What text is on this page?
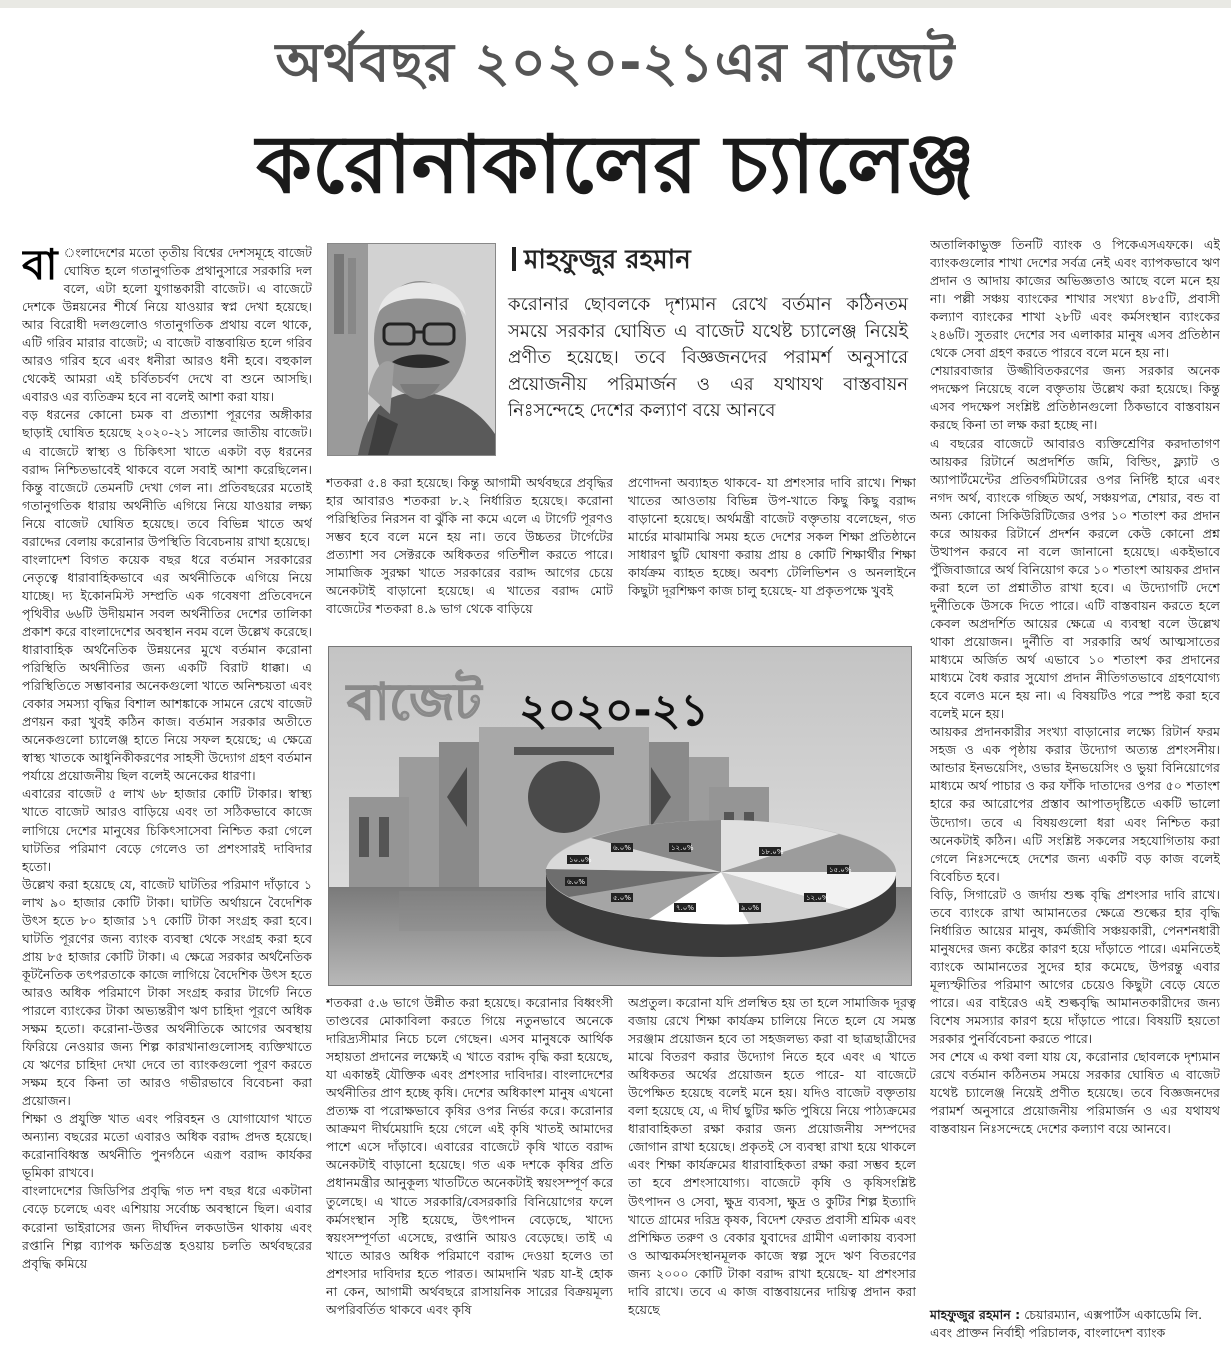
অর্থবছর ২০২০-২১এর বাজেট
করোনাকালের চ্যালেঞ্জ
বা ংলাদেশের মতো তৃতীয় বিশ্বের দেশসমূহে বাজেট ঘোষিত হলে গতানুগতিক প্রথানুসারে সরকারি দল বলে, এটা হলো যুগান্তকারী বাজেট। এ বাজেটে দেশকে উন্নয়নের শীর্ষে নিয়ে যাওয়ার স্বপ্ন দেখা হয়েছে। আর বিরোধী দলগুলোও গতানুগতিক প্রথায় বলে থাকে, এটি গরিব মারার বাজেট; এ বাজেট বাস্তবায়িত হলে গরিব আরও গরিব হবে এবং ধনীরা আরও ধনী হবে। বহুকাল থেকেই আমরা এই চর্বিতচর্বণ দেখে বা শুনে আসছি। এবারও এর ব্যতিক্রম হবে না বলেই আশা করা যায়।

বড় ধরনের কোনো চমক বা প্রত্যাশা পূরণের অঙ্গীকার ছাড়াই ঘোষিত হয়েছে ২০২০-২১ সালের জাতীয় বাজেট। এ বাজেটে স্বাস্থ্য ও চিকিৎসা খাতে একটা বড় ধরনের বরাদ্দ নিশ্চিতভাবেই থাকবে বলে সবাই আশা করেছিলেন। কিন্তু বাজেটে তেমনটি দেখা গেল না। প্রতিবছরের মতোই গতানুগতিক ধারায় অর্থনীতি এগিয়ে নিয়ে যাওয়ার লক্ষ্য নিয়ে বাজেট ঘোষিত হয়েছে। তবে বিভিন্ন খাতে অর্থ বরাদ্দের বেলায় করোনার উপস্থিতি বিবেচনায় রাখা হয়েছে।

বাংলাদেশ বিগত কয়েক বছর ধরে বর্তমান সরকারের নেতৃত্বে ধারাবাহিকভাবে এর অর্থনীতিকে এগিয়ে নিয়ে যাচ্ছে। দ্য ইকোনমিস্ট সম্প্রতি এক গবেষণা প্রতিবেদনে পৃথিবীর ৬৬টি উদীয়মান সবল অর্থনীতির দেশের তালিকা প্রকাশ করে বাংলাদেশের অবস্থান নবম বলে উল্লেখ করেছে। ধারাবাহিক অর্থনৈতিক উন্নয়নের মুখে বর্তমান করোনা পরিস্থিতি অর্থনীতির জন্য একটি বিরাট ধাক্কা। এ পরিস্থিতিতে সম্ভাবনার অনেকগুলো খাতে অনিশ্চয়তা এবং বেকার সমস্যা বৃদ্ধির বিশাল আশঙ্কাকে সামনে রেখে বাজেট প্রণয়ন করা খুবই কঠিন কাজ। বর্তমান সরকার অতীতে অনেকগুলো চ্যালেঞ্জ হাতে নিয়ে সফল হয়েছে; এ ক্ষেত্রে স্বাস্থ্য খাতকে আধুনিকীকরণের সাহসী উদ্যোগ গ্রহণ বর্তমান পর্যায়ে প্রয়োজনীয় ছিল বলেই অনেকের ধারণা।

এবারের বাজেট ৫ লাখ ৬৮ হাজার কোটি টাকার। স্বাস্থ্য খাতে বাজেট আরও বাড়িয়ে এবং তা সঠিকভাবে কাজে লাগিয়ে দেশের মানুষের চিকিৎসাসেবা নিশ্চিত করা গেলে ঘাটতির পরিমাণ বেড়ে গেলেও তা প্রশংসারই দাবিদার হতো।

উল্লেখ করা হয়েছে যে, বাজেট ঘাটতির পরিমাণ দাঁড়াবে ১ লাখ ৯০ হাজার কোটি টাকা। ঘাটতি অর্থায়নে বৈদেশিক উৎস হতে ৮০ হাজার ১৭ কোটি টাকা সংগ্রহ করা হবে। ঘাটতি পূরণের জন্য ব্যাংক ব্যবস্থা থেকে সংগ্রহ করা হবে প্রায় ৮৫ হাজার কোটি টাকা। এ ক্ষেত্রে সরকার অর্থনৈতিক কূটনৈতিক তৎপরতাকে কাজে লাগিয়ে বৈদেশিক উৎস হতে আরও অধিক পরিমাণে টাকা সংগ্রহ করার টার্গেট নিতে পারলে ব্যাংকের টাকা অভ্যন্তরীণ ঋণ চাহিদা পূরণে অধিক সক্ষম হতো। করোনা-উত্তর অর্থনীতিকে আগের অবস্থায় ফিরিয়ে নেওয়ার জন্য শিল্প কারখানাগুলোসহ ব্যক্তিখাতে যে ঋণের চাহিদা দেখা দেবে তা ব্যাংকগুলো পূরণ করতে সক্ষম হবে কিনা তা আরও গভীরভাবে বিবেচনা করা প্রয়োজন।

শিক্ষা ও প্রযুক্তি খাত এবং পরিবহন ও যোগাযোগ খাতে অন্যান্য বছরের মতো এবারও অধিক বরাদ্দ প্রদত্ত হয়েছে। করোনাবিধ্বস্ত অর্থনীতি পুনর্গঠনে এরূপ বরাদ্দ কার্যকর ভূমিকা রাখবে।

বাংলাদেশের জিডিপির প্রবৃদ্ধি গত দশ বছর ধরে একটানা বেড়ে চলেছে এবং এশিয়ায় সর্বোচ্চ অবস্থানে ছিল। এবার করোনা ভাইরাসের জন্য দীর্ঘদিন লকডাউন থাকায় এবং রপ্তানি শিল্প ব্যাপক ক্ষতিগ্রস্ত হওয়ায় চলতি অর্থবছরের প্রবৃদ্ধি কমিয়ে

মাহফুজুর রহমান
করোনার ছোবলকে দৃশ্যমান রেখে বর্তমান কঠিনতম সময়ে সরকার ঘোষিত এ বাজেট যথেষ্ট চ্যালেঞ্জ নিয়েই প্রণীত হয়েছে। তবে বিজ্ঞজনদের পরামর্শ অনুসারে প্রয়োজনীয় পরিমার্জন ও এর যথাযথ বাস্তবায়ন নিঃসন্দেহে দেশের কল্যাণ বয়ে আনবে
শতকরা ৫.৪ করা হয়েছে। কিন্তু আগামী অর্থবছরে প্রবৃদ্ধির হার আবারও শতকরা ৮.২ নির্ধারিত হয়েছে। করোনা পরিস্থিতির নিরসন বা ঝুঁকি না কমে এলে এ টার্গেট পূরণও সম্ভব হবে বলে মনে হয় না। তবে উচ্চতর টার্গেটের প্রত্যাশা সব সেক্টরকে অধিকতর গতিশীল করতে পারে। সামাজিক সুরক্ষা খাতে সরকারের বরাদ্দ আগের চেয়ে অনেকটাই বাড়ানো হয়েছে। এ খাতের বরাদ্দ মোট বাজেটের শতকরা ৪.৯ ভাগ থেকে বাড়িয়ে
প্রণোদনা অব্যাহত থাকবে- যা প্রশংসার দাবি রাখে। শিক্ষা খাতের আওতায় বিভিন্ন উপ-খাতে কিছু কিছু বরাদ্দ বাড়ানো হয়েছে। অর্থমন্ত্রী বাজেট বক্তৃতায় বলেছেন, গত মার্চের মাঝামাঝি সময় হতে দেশের সকল শিক্ষা প্রতিষ্ঠানে সাধারণ ছুটি ঘোষণা করায় প্রায় ৪ কোটি শিক্ষার্থীর শিক্ষা কার্যক্রম ব্যাহত হচ্ছে। অবশ্য টেলিভিশন ও অনলাইনে কিছুটা দূরশিক্ষণ কাজ চালু হয়েছে- যা প্রকৃতপক্ষে খুবই
১২.০%	১৮.০%
১৫.০%
১২.০%
৯.০%
৭.০%
৫.০%
৬.০%
১০.০%
৬.০%
বাজেট ২০২০-২১
শতকরা ৫.৬ ভাগে উন্নীত করা হয়েছে। করোনার বিধ্বংসী তাণ্ডবের মোকাবিলা করতে গিয়ে নতুনভাবে অনেকে দারিদ্র্যসীমার নিচে চলে গেছেন। এসব মানুষকে আর্থিক সহায়তা প্রদানের লক্ষ্যেই এ খাতে বরাদ্দ বৃদ্ধি করা হয়েছে, যা একান্তই যৌক্তিক এবং প্রশংসার দাবিদার। বাংলাদেশের অর্থনীতির প্রাণ হচ্ছে কৃষি। দেশের অধিকাংশ মানুষ এখনো প্রত্যক্ষ বা পরোক্ষভাবে কৃষির ওপর নির্ভর করে। করোনার আক্রমণ দীর্ঘমেয়াদি হয়ে গেলে এই কৃষি খাতই আমাদের পাশে এসে দাঁড়াবে। এবারের বাজেটে কৃষি খাতে বরাদ্দ অনেকটাই বাড়ানো হয়েছে। গত এক দশকে কৃষির প্রতি প্রধানমন্ত্রীর আনুকূল্য খাতটিতে অনেকটাই স্বয়ংসম্পূর্ণ করে তুলেছে। এ খাতে সরকারি/বেসরকারি বিনিয়োগের ফলে কর্মসংস্থান সৃষ্টি হয়েছে, উৎপাদন বেড়েছে, খাদ্যে স্বয়ংসম্পূর্ণতা এসেছে, রপ্তানি আয়ও বেড়েছে। তাই এ খাতে আরও অধিক পরিমাণে বরাদ্দ দেওয়া হলেও তা প্রশংসার দাবিদার হতে পারত। আমদানি খরচ যা-ই হোক না কেন, আগামী অর্থবছরে রাসায়নিক সারের বিক্রয়মূল্য অপরিবর্তিত থাকবে এবং কৃষি
অপ্রতুল। করোনা যদি প্রলম্বিত হয় তা হলে সামাজিক দূরত্ব বজায় রেখে শিক্ষা কার্যক্রম চালিয়ে নিতে হলে যে সমস্ত সরঞ্জাম প্রয়োজন হবে তা সহজলভ্য করা বা ছাত্রছাত্রীদের মাঝে বিতরণ করার উদ্যোগ নিতে হবে এবং এ খাতে অধিকতর অর্থের প্রয়োজন হতে পারে- যা বাজেটে উপেক্ষিত হয়েছে বলেই মনে হয়। যদিও বাজেট বক্তৃতায় বলা হয়েছে যে, এ দীর্ঘ ছুটির ক্ষতি পুষিয়ে নিয়ে পাঠ্যক্রমের ধারাবাহিকতা রক্ষা করার জন্য প্রয়োজনীয় সম্পদের জোগান রাখা হয়েছে। প্রকৃতই সে ব্যবস্থা রাখা হয়ে থাকলে এবং শিক্ষা কার্যক্রমের ধারাবাহিকতা রক্ষা করা সম্ভব হলে তা হবে প্রশংসাযোগ্য। বাজেটে কৃষি ও কৃষিসংশ্লিষ্ট উৎপাদন ও সেবা, ক্ষুদ্র ব্যবসা, ক্ষুদ্র ও কুটির শিল্প ইত্যাদি খাতে গ্রামের দরিদ্র কৃষক, বিদেশ ফেরত প্রবাসী শ্রমিক এবং প্রশিক্ষিত তরুণ ও বেকার যুবাদের গ্রামীণ এলাকায় ব্যবসা ও আত্মকর্মসংস্থানমূলক কাজে স্বল্প সুদে ঋণ বিতরণের জন্য ২০০০ কোটি টাকা বরাদ্দ রাখা হয়েছে- যা প্রশংসার দাবি রাখে। তবে এ কাজ বাস্তবায়নের দায়িত্ব প্রদান করা হয়েছে

অতালিকাভুক্ত তিনটি ব্যাংক ও পিকেএসএফকে। এই ব্যাংকগুলোর শাখা দেশের সর্বত্র নেই এবং ব্যাপকভাবে ঋণ প্রদান ও আদায় কাজের অভিজ্ঞতাও আছে বলে মনে হয় না। পল্লী সঞ্চয় ব্যাংকের শাখার সংখ্যা ৪৮৫টি, প্রবাসী কল্যাণ ব্যাংকের শাখা ২৮টি এবং কর্মসংস্থান ব্যাংকের ২৪৬টি। সুতরাং দেশের সব এলাকার মানুষ এসব প্রতিষ্ঠান থেকে সেবা গ্রহণ করতে পারবে বলে মনে হয় না।

শেয়ারবাজার উজ্জীবিতকরণের জন্য সরকার অনেক পদক্ষেপ নিয়েছে বলে বক্তৃতায় উল্লেখ করা হয়েছে। কিন্তু এসব পদক্ষেপ সংশ্লিষ্ট প্রতিষ্ঠানগুলো ঠিকভাবে বাস্তবায়ন করছে কিনা তা লক্ষ করা হচ্ছে না।

এ বছরের বাজেটে আবারও ব্যক্তিশ্রেণির করদাতাগণ আয়কর রিটার্নে অপ্রদর্শিত জমি, বিল্ডিং, ফ্ল্যাট ও অ্যাপার্টমেন্টের প্রতিবর্গমিটারের ওপর নির্দিষ্ট হারে এবং নগদ অর্থ, ব্যাংকে গচ্ছিত অর্থ, সঞ্চয়পত্র, শেয়ার, বন্ড বা অন্য কোনো সিকিউরিটিজের ওপর ১০ শতাংশ কর প্রদান করে আয়কর রিটার্নে প্রদর্শন করলে কেউ কোনো প্রশ্ন উত্থাপন করবে না বলে জানানো হয়েছে। একইভাবে পুঁজিবাজারে অর্থ বিনিয়োগ করে ১০ শতাংশ আয়কর প্রদান করা হলে তা প্রশ্নাতীত রাখা হবে। এ উদ্যোগটি দেশে দুর্নীতিকে উসকে দিতে পারে। এটি বাস্তবায়ন করতে হলে কেবল অপ্রদর্শিত আয়ের ক্ষেত্রে এ ব্যবস্থা বলে উল্লেখ থাকা প্রয়োজন। দুর্নীতি বা সরকারি অর্থ আত্মসাতের মাধ্যমে অর্জিত অর্থ এভাবে ১০ শতাংশ কর প্রদানের মাধ্যমে বৈধ করার সুযোগ প্রদান নীতিগতভাবে গ্রহণযোগ্য হবে বলেও মনে হয় না। এ বিষয়টিও পরে স্পষ্ট করা হবে বলেই মনে হয়।

আয়কর প্রদানকারীর সংখ্যা বাড়ানোর লক্ষ্যে রিটার্ন ফরম সহজ ও এক পৃষ্ঠায় করার উদ্যোগ অত্যন্ত প্রশংসনীয়। আন্ডার ইনভয়েসিং, ওভার ইনভয়েসিং ও ভুয়া বিনিয়োগের মাধ্যমে অর্থ পাচার ও কর ফাঁকি দাতাদের ওপর ৫০ শতাংশ হারে কর আরোপের প্রস্তাব আপাতদৃষ্টিতে একটি ভালো উদ্যোগ। তবে এ বিষয়গুলো ধরা এবং নিশ্চিত করা অনেকটাই কঠিন। এটি সংশ্লিষ্ট সকলের সহযোগিতায় করা গেলে নিঃসন্দেহে দেশের জন্য একটি বড় কাজ বলেই বিবেচিত হবে।

বিড়ি, সিগারেট ও জর্দায় শুল্ক বৃদ্ধি প্রশংসার দাবি রাখে। তবে ব্যাংকে রাখা আমানতের ক্ষেত্রে শুল্কের হার বৃদ্ধি নির্ধারিত আয়ের মানুষ, কর্মজীবি সঞ্চয়কারী, পেনশনধারী মানুষদের জন্য কষ্টের কারণ হয়ে দাঁড়াতে পারে। এমনিতেই ব্যাংকে আমানতের সুদের হার কমেছে, উপরন্তু এবার মূল্যস্ফীতির পরিমাণ আগের চেয়েও কিছুটা বেড়ে যেতে পারে। এর বাইরেও এই শুল্কবৃদ্ধি আমানতকারীদের জন্য বিশেষ সমস্যার কারণ হয়ে দাঁড়াতে পারে। বিষয়টি হয়তো সরকার পুনর্বিবেচনা করতে পারে।

সব শেষে এ কথা বলা যায় যে, করোনার ছোবলকে দৃশ্যমান রেখে বর্তমান কঠিনতম সময়ে সরকার ঘোষিত এ বাজেট যথেষ্ট চ্যালেঞ্জ নিয়েই প্রণীত হয়েছে। তবে বিজ্ঞজনদের পরামর্শ অনুসারে প্রয়োজনীয় পরিমার্জন ও এর যথাযথ বাস্তবায়ন নিঃসন্দেহে দেশের কল্যাণ বয়ে আনবে।

মাহফুজুর রহমান : চেয়ারম্যান, এক্সপার্টস একাডেমি লি. এবং প্রাক্তন নির্বাহী পরিচালক, বাংলাদেশ ব্যাংক
